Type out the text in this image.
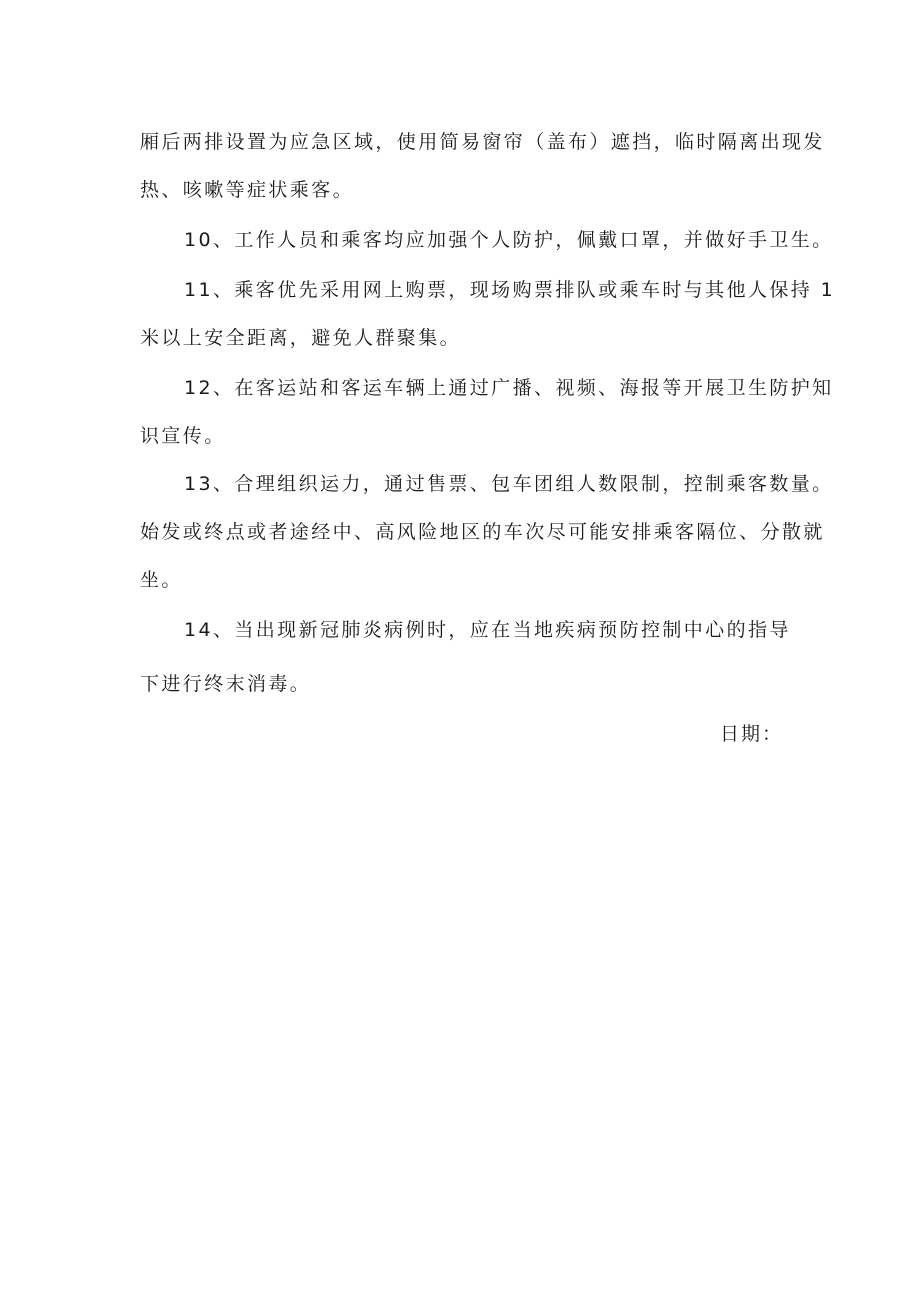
厢后两排设置为应急区域，使用简易窗帘（盖布）遮挡，临时隔离出现发
热、咳嗽等症状乘客。
10、工作人员和乘客均应加强个人防护，佩戴口罩，并做好手卫生。
11、乘客优先采用网上购票，现场购票排队或乘车时与其他人保持 1
米以上安全距离，避免人群聚集。
12、在客运站和客运车辆上通过广播、视频、海报等开展卫生防护知
识宣传。
13、合理组织运力，通过售票、包车团组人数限制，控制乘客数量。
始发或终点或者途经中、高风险地区的车次尽可能安排乘客隔位、分散就
坐。
14、当出现新冠肺炎病例时，应在当地疾病预防控制中心的指导
下进行终末消毒。
日期：
